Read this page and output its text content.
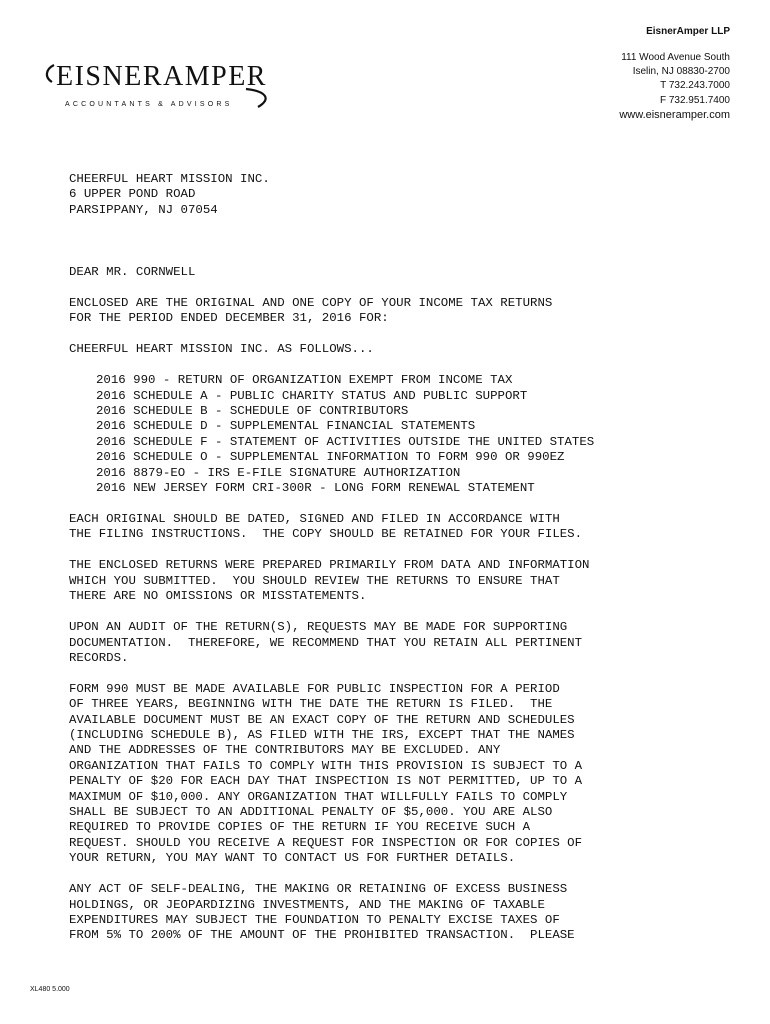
EISNERAMPER
ACCOUNTANTS & ADVISORS
EisnerAmper LLP
111 Wood Avenue South
Iselin, NJ 08830-2700
T 732.243.7000
F 732.951.7400
www.eisneramper.com
CHEERFUL HEART MISSION INC.
6 UPPER POND ROAD
PARSIPPANY, NJ 07054
DEAR MR. CORNWELL
ENCLOSED ARE THE ORIGINAL AND ONE COPY OF YOUR INCOME TAX RETURNS
FOR THE PERIOD ENDED DECEMBER 31, 2016 FOR:
CHEERFUL HEART MISSION INC. AS FOLLOWS...
2016 990 - RETURN OF ORGANIZATION EXEMPT FROM INCOME TAX
2016 SCHEDULE A - PUBLIC CHARITY STATUS AND PUBLIC SUPPORT
2016 SCHEDULE B - SCHEDULE OF CONTRIBUTORS
2016 SCHEDULE D - SUPPLEMENTAL FINANCIAL STATEMENTS
2016 SCHEDULE F - STATEMENT OF ACTIVITIES OUTSIDE THE UNITED STATES
2016 SCHEDULE O - SUPPLEMENTAL INFORMATION TO FORM 990 OR 990EZ
2016 8879-EO - IRS E-FILE SIGNATURE AUTHORIZATION
2016 NEW JERSEY FORM CRI-300R - LONG FORM RENEWAL STATEMENT
EACH ORIGINAL SHOULD BE DATED, SIGNED AND FILED IN ACCORDANCE WITH
THE FILING INSTRUCTIONS.  THE COPY SHOULD BE RETAINED FOR YOUR FILES.
THE ENCLOSED RETURNS WERE PREPARED PRIMARILY FROM DATA AND INFORMATION
WHICH YOU SUBMITTED.  YOU SHOULD REVIEW THE RETURNS TO ENSURE THAT
THERE ARE NO OMISSIONS OR MISSTATEMENTS.
UPON AN AUDIT OF THE RETURN(S), REQUESTS MAY BE MADE FOR SUPPORTING
DOCUMENTATION.  THEREFORE, WE RECOMMEND THAT YOU RETAIN ALL PERTINENT
RECORDS.
FORM 990 MUST BE MADE AVAILABLE FOR PUBLIC INSPECTION FOR A PERIOD
OF THREE YEARS, BEGINNING WITH THE DATE THE RETURN IS FILED.  THE
AVAILABLE DOCUMENT MUST BE AN EXACT COPY OF THE RETURN AND SCHEDULES
(INCLUDING SCHEDULE B), AS FILED WITH THE IRS, EXCEPT THAT THE NAMES
AND THE ADDRESSES OF THE CONTRIBUTORS MAY BE EXCLUDED. ANY
ORGANIZATION THAT FAILS TO COMPLY WITH THIS PROVISION IS SUBJECT TO A
PENALTY OF $20 FOR EACH DAY THAT INSPECTION IS NOT PERMITTED, UP TO A
MAXIMUM OF $10,000. ANY ORGANIZATION THAT WILLFULLY FAILS TO COMPLY
SHALL BE SUBJECT TO AN ADDITIONAL PENALTY OF $5,000. YOU ARE ALSO
REQUIRED TO PROVIDE COPIES OF THE RETURN IF YOU RECEIVE SUCH A
REQUEST. SHOULD YOU RECEIVE A REQUEST FOR INSPECTION OR FOR COPIES OF
YOUR RETURN, YOU MAY WANT TO CONTACT US FOR FURTHER DETAILS.
ANY ACT OF SELF-DEALING, THE MAKING OR RETAINING OF EXCESS BUSINESS
HOLDINGS, OR JEOPARDIZING INVESTMENTS, AND THE MAKING OF TAXABLE
EXPENDITURES MAY SUBJECT THE FOUNDATION TO PENALTY EXCISE TAXES OF
FROM 5% TO 200% OF THE AMOUNT OF THE PROHIBITED TRANSACTION.  PLEASE
XL480 5.000
